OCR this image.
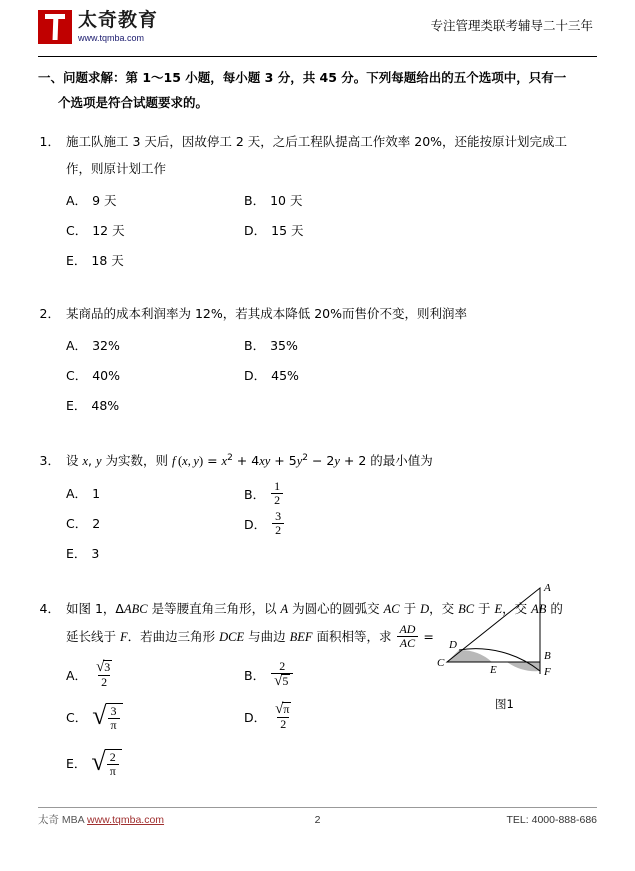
太奇教育
www.tqmba.com
专注管理类联考辅导二十三年
一、问题求解：第 1～15 小题，每小题 3 分，共 45 分。下列每题给出的五个选项中，只有一
个选项是符合试题要求的。
1． 施工队施工 3 天后，因故停工 2 天，之后工程队提高工作效率 20%，还能按原计划完成工
作，则原计划工作
A． 9 天	B． 10 天
C． 12 天	D． 15 天
E． 18 天
2． 某商品的成本利润率为 12%，若其成本降低 20%而售价不变，则利润率
A． 32%	B． 35%
C． 40%	D． 45%
E． 48%
3． 设 x, y 为实数，则 f  (x, $y) = x^2 + 4xy + 5y^2 - 2y + 2$ 的最小值为
A． 1	B． $\frac{1}{2}$
C． 2	D． $\frac{3}{2}$
E． 3
4． 如图 1，ΔABC 是等腰直角三角形，以 A 为圆心的圆弧交 AC 于 D，交 BC 于 E，交 AB 的
延长线于 F．若曲边三角形 DCE 与曲边 BEF 面积相等，求 $\frac{AD}{AC}$ =
A． $\frac{√ 3}{2}$	B． $\frac{2}{√ 5}$
C． √ $\frac{3}{\pi}$	D． $\frac{√ \pi}{2}$
E． √ $\frac{2}{\pi}$
A
B
C
D
E	F
图1
太奇 MBA www.tqmba.com	2	TEL: 4000-888-686
